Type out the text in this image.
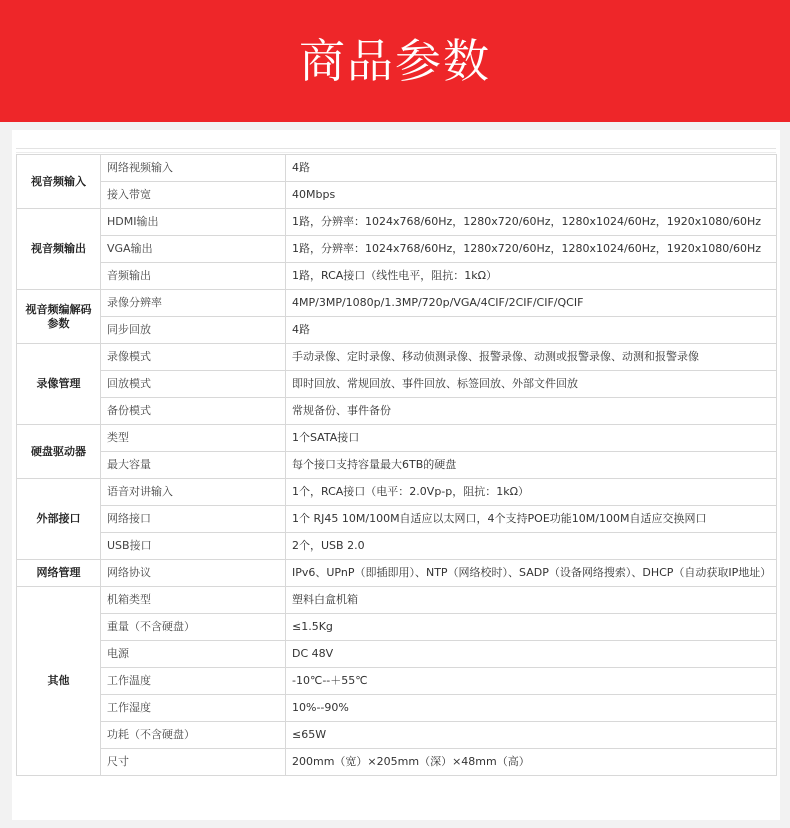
商品参数
视音频输入	网络视频输入	4路
	接入带宽	40Mbps
视音频输出	HDMI输出	1路，分辨率：1024x768/60Hz，1280x720/60Hz，1280x1024/60Hz，1920x1080/60Hz
	VGA输出	1路，分辨率：1024x768/60Hz，1280x720/60Hz，1280x1024/60Hz，1920x1080/60Hz
	音频输出	1路，RCA接口（线性电平，阻抗：1kΩ）
视音频编解码参数	录像分辨率	4MP/3MP/1080p/1.3MP/720p/VGA/4CIF/2CIF/CIF/QCIF
	同步回放	4路
录像管理	录像模式	手动录像、定时录像、移动侦测录像、报警录像、动测或报警录像、动测和报警录像
	回放模式	即时回放、常规回放、事件回放、标签回放、外部文件回放
	备份模式	常规备份、事件备份
硬盘驱动器	类型	1个SATA接口
	最大容量	每个接口支持容量最大6TB的硬盘
外部接口	语音对讲输入	1个，RCA接口（电平：2.0Vp-p，阻抗：1kΩ）
	网络接口	1个 RJ45 10M/100M自适应以太网口，4个支持POE功能10M/100M自适应交换网口
	USB接口	2个，USB 2.0
网络管理	网络协议	IPv6、UPnP（即插即用）、NTP（网络校时）、SADP（设备网络搜索）、DHCP（自动获取IP地址）
其他	机箱类型	塑料白盒机箱
	重量（不含硬盘）	≤1.5Kg
	电源	DC 48V
	工作温度	-10℃--＋55℃
	工作湿度	10%--90%
	功耗（不含硬盘）	≤65W
	尺寸	200mm（宽）×205mm（深）×48mm（高）
